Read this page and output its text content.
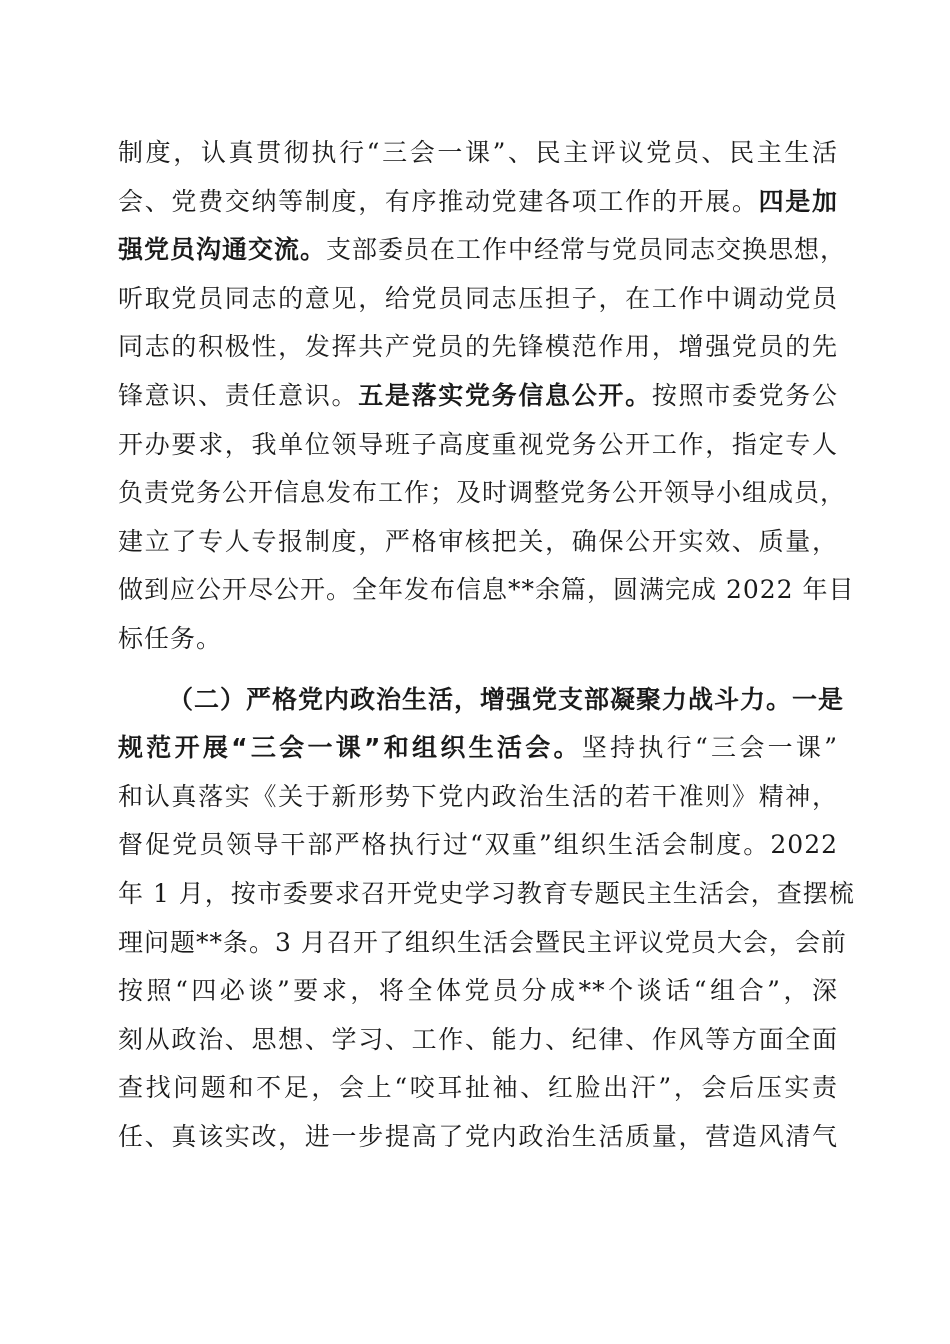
制度，认真贯彻执行“三会一课”、民主评议党员、民主生活
会、党费交纳等制度，有序推动党建各项工作的开展。四是加
强党员沟通交流。支部委员在工作中经常与党员同志交换思想，
听取党员同志的意见，给党员同志压担子，在工作中调动党员
同志的积极性，发挥共产党员的先锋模范作用，增强党员的先
锋意识、责任意识。五是落实党务信息公开。按照市委党务公
开办要求，我单位领导班子高度重视党务公开工作，指定专人
负责党务公开信息发布工作；及时调整党务公开领导小组成员，
建立了专人专报制度，严格审核把关，确保公开实效、质量，
做到应公开尽公开。全年发布信息**余篇，圆满完成 2022 年目
标任务。
（二）严格党内政治生活，增强党支部凝聚力战斗力。一是
规范开展“三会一课”和组织生活会。坚持执行“三会一课”
和认真落实《关于新形势下党内政治生活的若干准则》精神，
督促党员领导干部严格执行过“双重”组织生活会制度。2022
年 1 月，按市委要求召开党史学习教育专题民主生活会，查摆梳
理问题**条。3 月召开了组织生活会暨民主评议党员大会，会前
按照“四必谈”要求，将全体党员分成**个谈话“组合”，深
刻从政治、思想、学习、工作、能力、纪律、作风等方面全面
查找问题和不足，会上“咬耳扯袖、红脸出汗”，会后压实责
任、真该实改，进一步提高了党内政治生活质量，营造风清气
